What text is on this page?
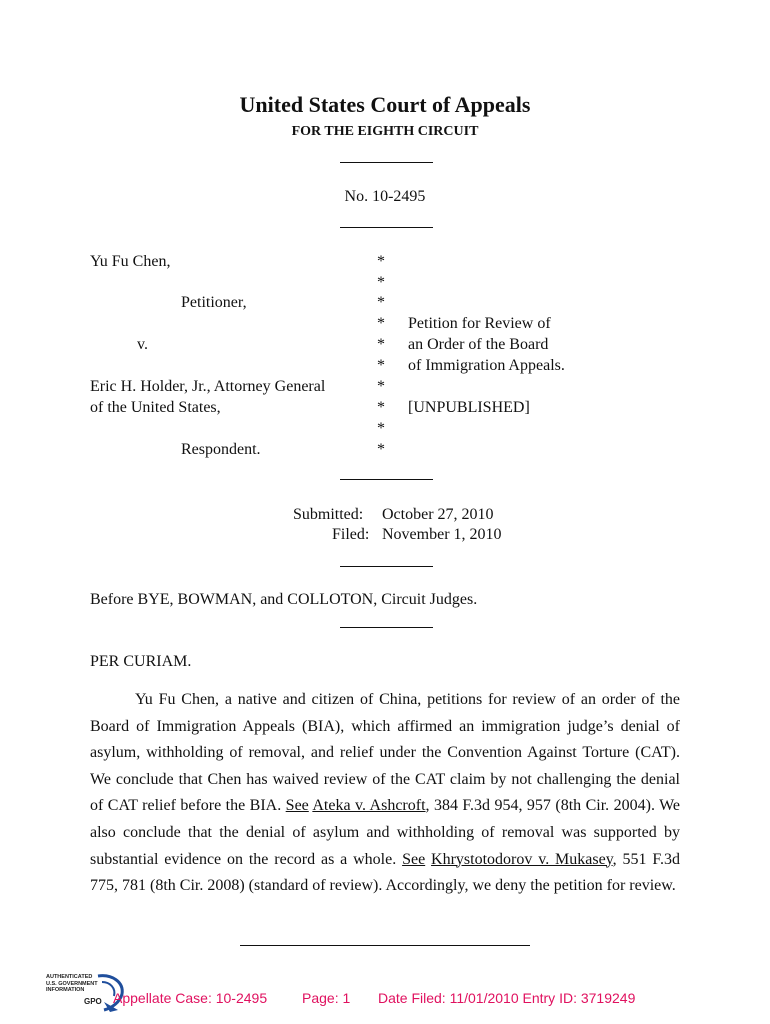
United States Court of Appeals
FOR THE EIGHTH CIRCUIT
No. 10-2495
Yu Fu Chen,
Petitioner,
v.
Eric H. Holder, Jr., Attorney General
of the United States,
Respondent.
*
*
*
*
*
*
*
*
*
*
Petition for Review of
an Order of the Board
of Immigration Appeals.
[UNPUBLISHED]
Submitted: October 27, 2010
Filed: November 1, 2010
Before BYE, BOWMAN, and COLLOTON, Circuit Judges.
PER CURIAM.

Yu Fu Chen, a native and citizen of China, petitions for review of an order of the Board of Immigration Appeals (BIA), which affirmed an immigration judge’s denial of asylum, withholding of removal, and relief under the Convention Against Torture (CAT). We conclude that Chen has waived review of the CAT claim by not challenging the denial of CAT relief before the BIA. See Ateka v. Ashcroft, 384 F.3d 954, 957 (8th Cir. 2004). We also conclude that the denial of asylum and withholding of removal was supported by substantial evidence on the record as a whole. See Khrystotodorov v. Mukasey, 551 F.3d 775, 781 (8th Cir. 2008) (standard of review). Accordingly, we deny the petition for review.

AUTHENTICATED
U.S. GOVERNMENT
INFORMATION
GPO Appellate Case: 10-2495 Page: 1 Date Filed: 11/01/2010 Entry ID: 3719249
